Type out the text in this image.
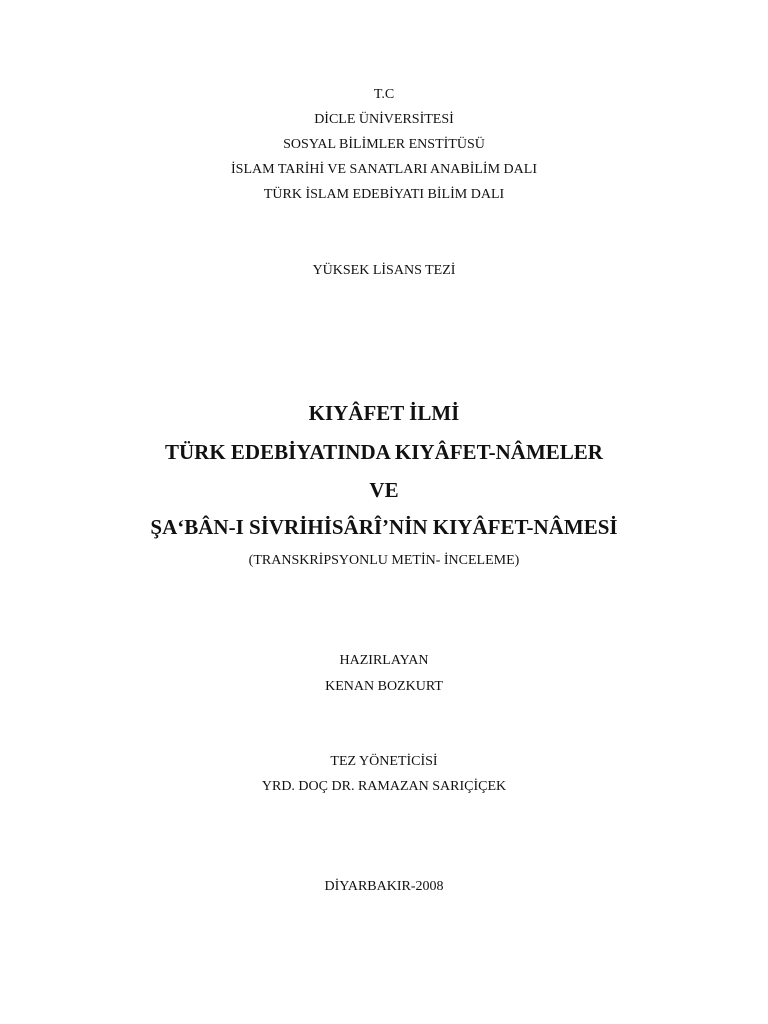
T.C
DİCLE ÜNİVERSİTESİ
SOSYAL BİLİMLER ENSTİTÜSÜ
İSLAM TARİHİ VE SANATLARI ANABİLİM DALI
TÜRK İSLAM EDEBİYATI BİLİM DALI
YÜKSEK LİSANS TEZİ
KIYÂFET İLMİ
TÜRK EDEBİYATINDA KIYÂFET-NÂMELER
VE
ŞA‘BÂN-I SİVRİHİSÂRÎ’NİN KIYÂFET-NÂMESİ
(TRANSKRİPSYONLU METİN- İNCELEME)
HAZIRLAYAN
KENAN BOZKURT
TEZ YÖNETİCİSİ
YRD. DOÇ DR. RAMAZAN SARIÇİÇEK
DİYARBAKIR-2008
